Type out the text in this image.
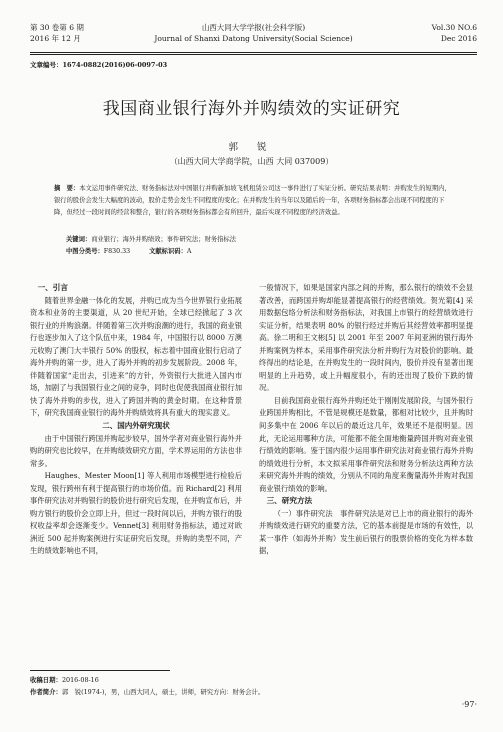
第 30 卷第 6 期
2016 年 12 月
山西大同大学学报(社会科学版)
Journal of Shanxi Datong University(Social Science)
Vol.30 NO.6
Dec 2016
文章编号：1674-0882(2016)06-0097-03
我国商业银行海外并购绩效的实证研究
郭 锐
（山西大同大学商学院，山西 大同 037009）
摘　要：本文运用事件研究法、财务指标法对中国银行并购新加坡飞机租赁公司这一事件进行了实证分析。研究结果表明：并购发生的短期内，银行的股价会发生大幅度的波动，股价走势会发生不同程度的变化；在并购发生的当年以及随后的一年，各项财务指标都会出现不同程度的下降，但经过一段时间的经营和整合，银行的各项财务指标都会有所回升，最后实现不同程度的经济效益。
关键词：商业银行；海外并购绩效；事件研究法；财务指标法
中图分类号：F830.33　　　	文献标识码：A
一、引言

随着世界金融一体化的发展，并购已成为当今世界银行业拓展资本和业务的主要渠道，从 20 世纪开始，全球已经掀起了 3 次银行业的并购浪潮。伴随着第三次并购浪潮的进行，我国的商业银行也逐步加入了这个队伍中来，1984 年，中国银行以 8000 万澳元收购了澳门大丰银行 50% 的股权，标志着中国商业银行启动了海外并购的第一步，进入了海外并购的初步发展阶段。2008 年，伴随着国家“走出去，引进来”的方针，外资银行大批进入国内市场，加剧了与我国银行业之间的竞争，同时也促使我国商业银行加快了海外并购的步伐，进入了跨国并购的黄金时期。在这种背景下，研究我国商业银行的海外并购绩效将具有重大的现实意义。

二、国内外研究现状

由于中国银行跨国并购起步较早，国外学者对商业银行海外并购的研究也比较早，在并购绩效研究方面，学术界运用的方法也非常多。

Haughes、Mester Moon[1] 等人利用市场模型进行检验后发现，银行跨州有利于提高银行的市场价值。而 Richard[2] 利用事件研究法对并购银行的股价进行研究后发现，在并购宣布后，并购方银行的股价会立即上升，但过一段时间以后，并购方银行的股权收益率却会逐渐变少。Vennet[3] 利用财务指标法，通过对欧洲近 500 起并购案例进行实证研究后发现，并购的类型不同，产生的绩效影响也不同，

一般情况下，如果是国家内部之间的并购，那么银行的绩效不会显著改善，而跨国并购却能显著提高银行的经营绩效。贺光菊[4] 采用数据包络分析法和财务指标法，对我国上市银行的经营绩效进行实证分析，结果表明 80% 的银行经过并购后其经营效率都明显提高。徐二明和王文彬[5] 以 2001 年至 2007 年间亚洲的银行海外并购案例为样本，采用事件研究法分析并购行为对股价的影响。最终得出的结论是，在并购发生的一段时间内，股价并没有显著出现明显的上升趋势，或上升幅度很小，有的还出现了股价下跌的情况。

目前我国商业银行海外并购还处于刚刚发展阶段，与国外银行业跨国并购相比，不管是规模还是数量，都相对比较少，且并购时间多集中在 2006 年以后的最近这几年，效果还不是很明显。因此，无论运用哪种方法，可能都不能全面地衡量跨国并购对商业银行绩效的影响。鉴于国内很少运用事件研究法对商业银行海外并购的绩效进行分析，本文拟采用事件研究法和财务分析法这两种方法来研究海外并购的绩效，分别从不同的角度来衡量海外并购对我国商业银行绩效的影响。

三、研究方法

（一）事件研究法　事件研究法是对已上市的商业银行的海外并购绩效进行研究的重要方法，它的基本前提是市场的有效性，以某一事件（如海外并购）发生前后银行的股票价格的变化为样本数据，

收稿日期：2016-08-16
作者简介：郭　锐(1974-)，男，山西大同人，硕士，讲师，研究方向：财务会计。
·97·
